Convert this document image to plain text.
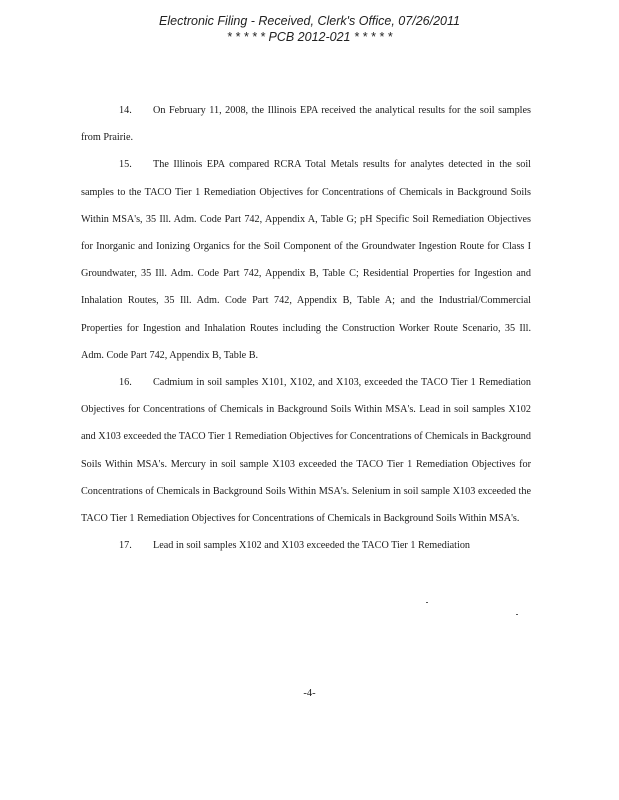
Electronic Filing - Received, Clerk's Office, 07/26/2011
* * * * * PCB 2012-021 * * * * *

14. On February 11, 2008, the Illinois EPA received the analytical results for the soil samples from Prairie.

15. The Illinois EPA compared RCRA Total Metals results for analytes detected in the soil samples to the TACO Tier 1 Remediation Objectives for Concentrations of Chemicals in Background Soils Within MSA's, 35 Ill. Adm. Code Part 742, Appendix A, Table G; pH Specific Soil Remediation Objectives for Inorganic and Ionizing Organics for the Soil Component of the Groundwater Ingestion Route for Class I Groundwater, 35 Ill. Adm. Code Part 742, Appendix B, Table C; Residential Properties for Ingestion and Inhalation Routes, 35 Ill. Adm. Code Part 742, Appendix B, Table A; and the Industrial/Commercial Properties for Ingestion and Inhalation Routes including the Construction Worker Route Scenario, 35 Ill. Adm. Code Part 742, Appendix B, Table B.

16. Cadmium in soil samples X101, X102, and X103, exceeded the TACO Tier 1 Remediation Objectives for Concentrations of Chemicals in Background Soils Within MSA's. Lead in soil samples X102 and X103 exceeded the TACO Tier 1 Remediation Objectives for Concentrations of Chemicals in Background Soils Within MSA's. Mercury in soil sample X103 exceeded the TACO Tier 1 Remediation Objectives for Concentrations of Chemicals in Background Soils Within MSA's. Selenium in soil sample X103 exceeded the TACO Tier 1 Remediation Objectives for Concentrations of Chemicals in Background Soils Within MSA's.

17. Lead in soil samples X102 and X103 exceeded the TACO Tier 1 Remediation

-4-
